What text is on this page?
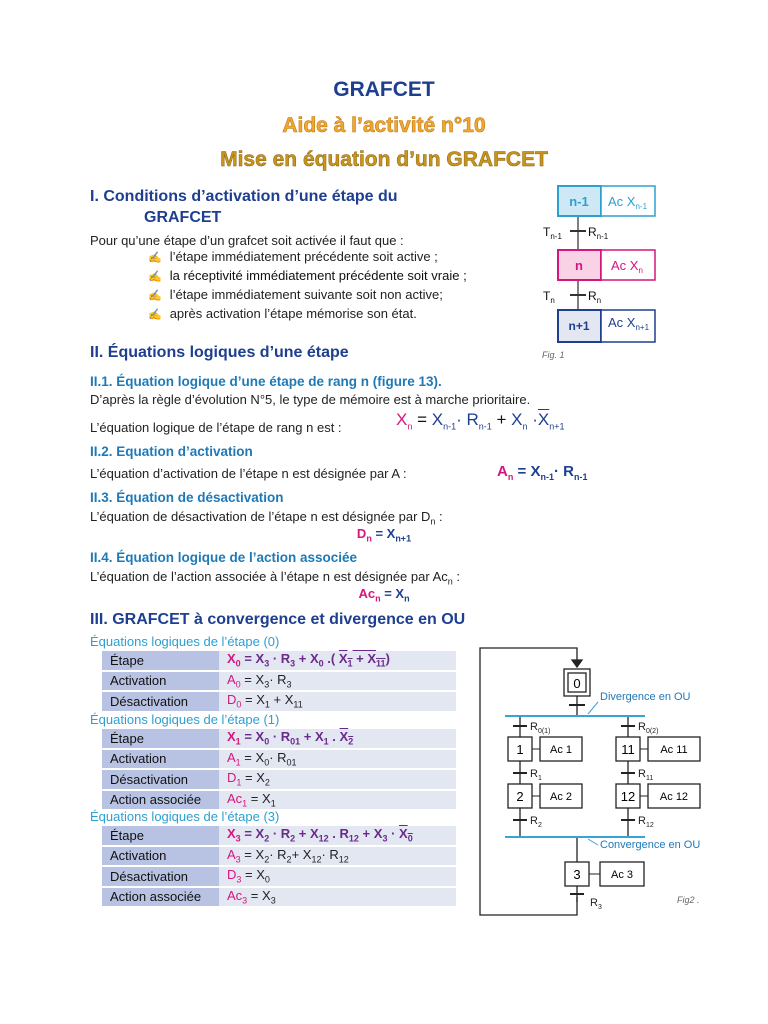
GRAFCET
Aide à l’activité n°10
Mise en équation d’un GRAFCET
I. Conditions d’activation d’une étape du
GRAFCET
Pour qu’une étape d’un grafcet soit activée il faut que :
✍ l’étape immédiatement précédente soit active ;
✍ la réceptivité immédiatement précédente soit vraie ;
✍ l’étape immédiatement suivante soit non active;
✍ après activation l’étape mémorise son état.
n-1 Ac $X_{n-1}$
$T_{n-1}$ $R_{n-1}$
n Ac $X_n$
$T_n$	$R_n$
n+1 Ac $X_{n+1}$
Fig. 1
II. Équations logiques d’une étape
II.1. Équation logique d’une étape de rang n (figure 13).
D’après la règle d’évolution N°5, le type de mémoire est à marche prioritaire.
L’équation logique de l’étape de rang n est :	$X_n = X_{n-1}\cdot R_{n-1} + X_n \cdot\overline{X}_{n+1}$
II.2. Equation d’activation
L’équation d’activation de l’étape n est désignée par A :	$A_n = X_{n-1}\cdot R_{n-1}$
II.3. Équation de désactivation
L’équation de désactivation de l’étape n est désignée par $D_n$ :
$D_n = X_{n+1}$
II.4. Équation logique de l’action associée
L’équation de l’action associée à l’étape n est désignée par $Ac_n$ :
$Ac_n = X_n$
III. GRAFCET à convergence et divergence en OU
Équations logiques de l’étape (0)
Étape	$X_0 = X_3 \cdot R_3 + X_0$ .( $X_1 + X_{11}$)
Activation	$A_0 = X_3\cdot R_3$
Désactivation	$D_0 = X_1 + X_{11}$
Équations logiques de l’étape (1)
Étape	$X_1 = X_0 \cdot R_{01} + X_1$ . $X_2$
Activation	$A_1 = X_0\cdot R_{01}$
Désactivation	$D_1 = X_2$
Action associée	$Ac_1 = X_1$
Équations logiques de l’étape (3)
Étape	$X_3 = X_2 \cdot R_2 + X_{12}$ . $R_{12} + X_3 \cdot X_0$
Activation	$A_3 = X_2\cdot R_2+ X_{12}\cdot R_{12}$
Désactivation	$D_3 = X_0$
Action associée	$Ac_3 = X_3$
Divergence en OU
Convergence en OU
0
1 Ac 1	11 Ac 11
2 Ac 2	12 Ac 12
3	Ac 3
$R_{0(1)}$	$R_{0(2)}$
$R_1$	$R_{11}$
$R_2$	$R_{12}$
$R_3$
Fig2 .
